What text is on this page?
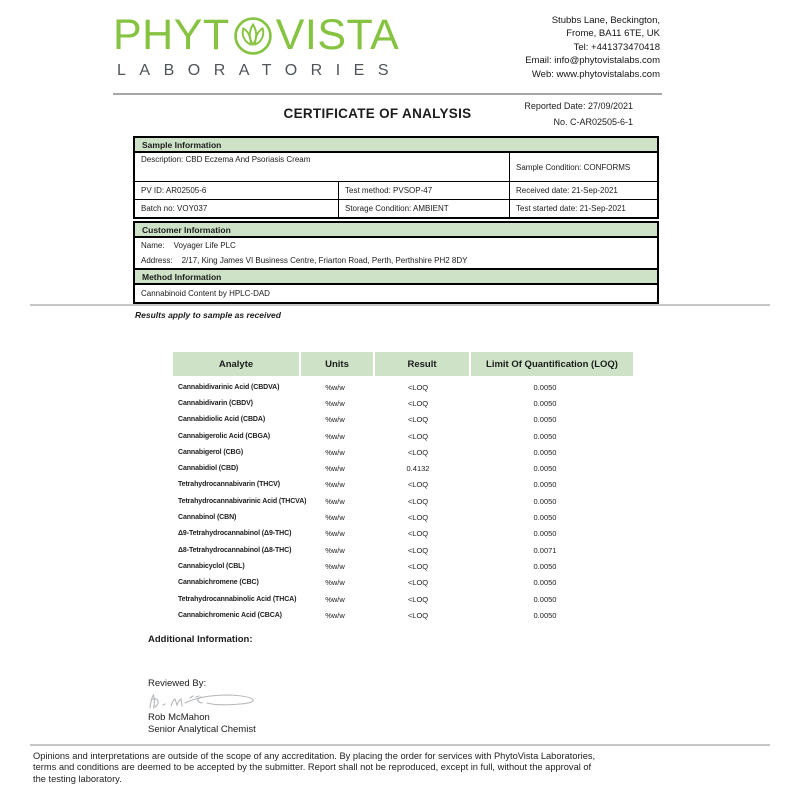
PHYT VISTA
LABORATORIES
Stubbs Lane, Beckington,
Frome, BA11 6TE, UK
Tel: +441373470418
Email: info@phytovistalabs.com
Web: www.phytovistalabs.com
CERTIFICATE OF ANALYSIS	Reported Date: 27/09/2021
No. C-AR02505-6-1
Sample Information
Description: CBD Eczema And Psoriasis Cream
Sample Condition: CONFORMS
PV ID: AR02505-6	Test method: PVSOP-47	Received date: 21-Sep-2021
Batch no: VOY037	Storage Condition: AMBIENT	Test started date: 21-Sep-2021
Customer Information
Name: Voyager Life PLC
Address: 2/17, King James VI Business Centre, Friarton Road, Perth, Perthshire PH2 8DY
Method Information
Cannabinoid Content by HPLC-DAD
Results apply to sample as received
Analyte	Units	Result	Limit Of Quantification (LOQ)
Cannabidivarinic Acid (CBDVA)	%w/w	<LOQ	0.0050
Cannabidivarin (CBDV)	%w/w	<LOQ	0.0050
Cannabidiolic Acid (CBDA)	%w/w	<LOQ	0.0050
Cannabigerolic Acid (CBGA)	%w/w	<LOQ	0.0050
Cannabigerol (CBG)	%w/w	<LOQ	0.0050
Cannabidiol (CBD)	%w/w	0.4132	0.0050
Tetrahydrocannabivarin (THCV)	%w/w	<LOQ	0.0050
Tetrahydrocannabivarinic Acid (THCVA)	%w/w	<LOQ	0.0050
Cannabinol (CBN)	%w/w	<LOQ	0.0050
Δ9-Tetrahydrocannabinol (Δ9-THC)	%w/w	<LOQ	0.0050
Δ8-Tetrahydrocannabinol (Δ8-THC)	%w/w	<LOQ	0.0071
Cannabicyclol (CBL)	%w/w	<LOQ	0.0050
Cannabichromene (CBC)	%w/w	<LOQ	0.0050
Tetrahydrocannabinolic Acid (THCA)	%w/w	<LOQ	0.0050
Cannabichromenic Acid (CBCA)	%w/w	<LOQ	0.0050
Additional Information:
Reviewed By:
Rob McMahon
Senior Analytical Chemist
Opinions and interpretations are outside of the scope of any accreditation. By placing the order for services with PhytoVista Laboratories,
terms and conditions are deemed to be accepted by the submitter. Report shall not be reproduced, except in full, without the approval of
the testing laboratory.
